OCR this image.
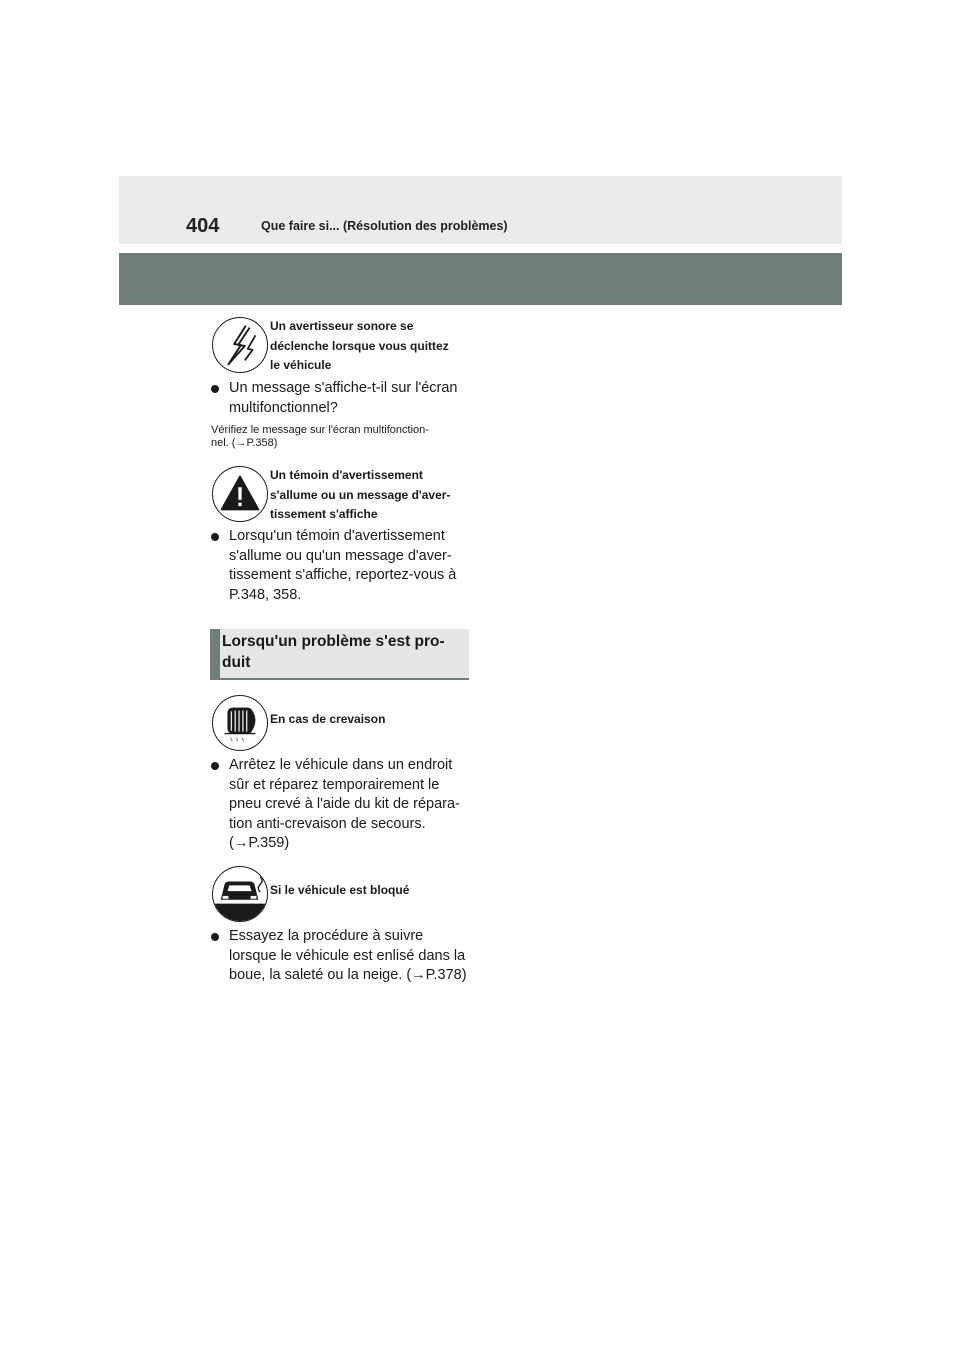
404	Que faire si... (Résolution des problèmes)
Un avertisseur sonore se
déclenche lorsque vous quittez
le véhicule
Un message s'affiche-t-il sur l'écran
multifonctionnel?
Vérifiez le message sur l'écran multifonction-
nel. (→P.358)
Un témoin d'avertissement
s'allume ou un message d'aver-
tissement s'affiche
Lorsqu'un témoin d'avertissement
s'allume ou qu'un message d'aver-
tissement s'affiche, reportez-vous à
P.348, 358.
Lorsqu'un problème s'est pro-
duit
En cas de crevaison
Arrêtez le véhicule dans un endroit
sûr et réparez temporairement le
pneu crevé à l'aide du kit de répara-
tion anti-crevaison de secours.
(→P.359)
Si le véhicule est bloqué
Essayez la procédure à suivre
lorsque le véhicule est enlisé dans la
boue, la saleté ou la neige. (→P.378)
